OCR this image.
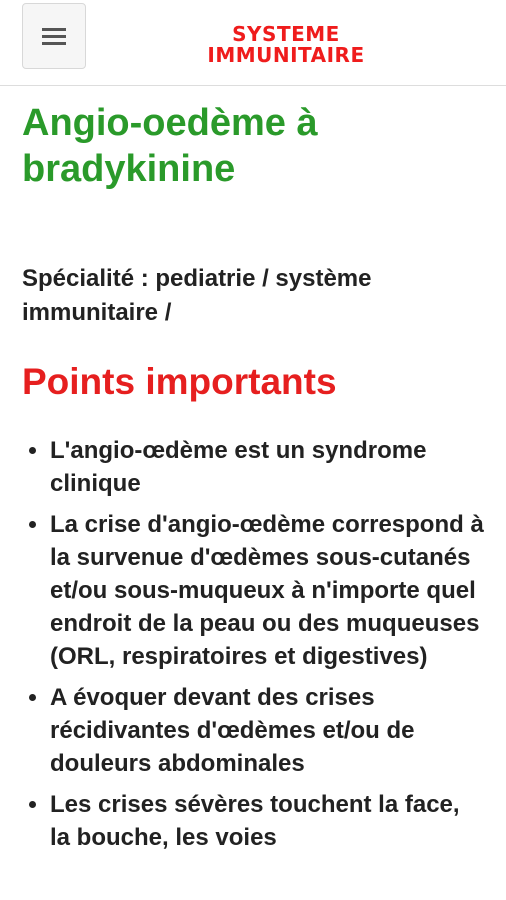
SYSTEME
IMMUNITAIRE
Angio-oedème à bradykinine

Spécialité : pediatrie / système immunitaire /

Points importants
• L'angio-œdème est un syndrome clinique
• La crise d'angio-œdème correspond à la survenue d'œdèmes sous-cutanés et/ou sous-muqueux à n'importe quel endroit de la peau ou des muqueuses (ORL, respiratoires et digestives)
• A évoquer devant des crises récidivantes d'œdèmes et/ou de douleurs abdominales
• Les crises sévères touchent la face, la bouche, les voies
